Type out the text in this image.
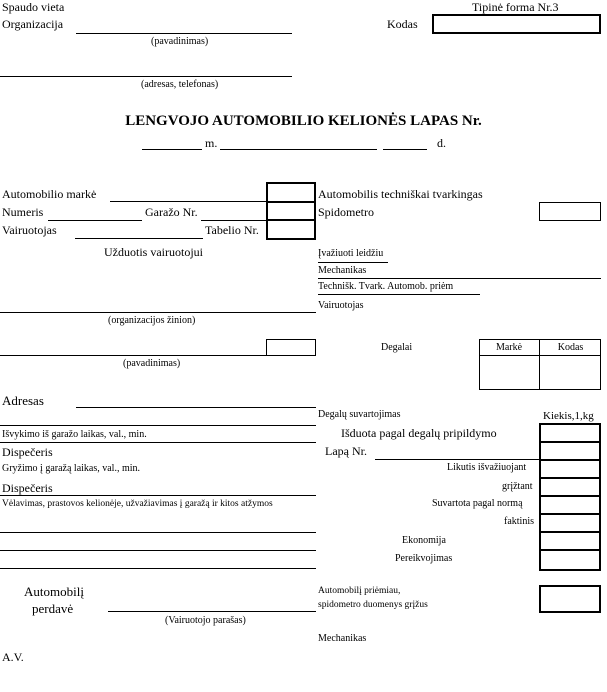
Spaudo vieta	Tipinė forma Nr.3
Organizacija	Kodas
(pavadinimas)
(adresas, telefonas)
LENGVOJO AUTOMOBILIO KELIONĖS LAPAS Nr.
m.	d.
Automobilio markė
Numeris	Garažo Nr.
Vairuotojas	Tabelio Nr.
Automobilis techniškai tvarkingas
Spidometro
Užduotis vairuotojui	Įvažiuoti leidžiu
Mechanikas
Technišk. Tvark. Automob. priėm
Vairuotojas
(organizacijos žinion)
(pavadinimas)
Adresas
Degalai	Markė	Kodas
Degalų suvartojimas	Kiekis,1,kg
Išduota pagal degalų pripildymo
Lapą Nr.
Likutis išvažiuojant
grįžtant
Suvartota pagal normą
faktinis
Ekonomija
Pereikvojimas
Išvykimo iš garažo laikas, val., min.
Dispečeris
Gryžimo į garažą laikas, val., min.
Dispečeris
Vėlavimas, prastovos kelionėje, užvažiavimas į garažą ir kitos atžymos
Automobilį
perdavė
(Vairuotojo parašas)
Automobilį priėmiau,
spidometro duomenys grįžus
Mechanikas
A.V.
